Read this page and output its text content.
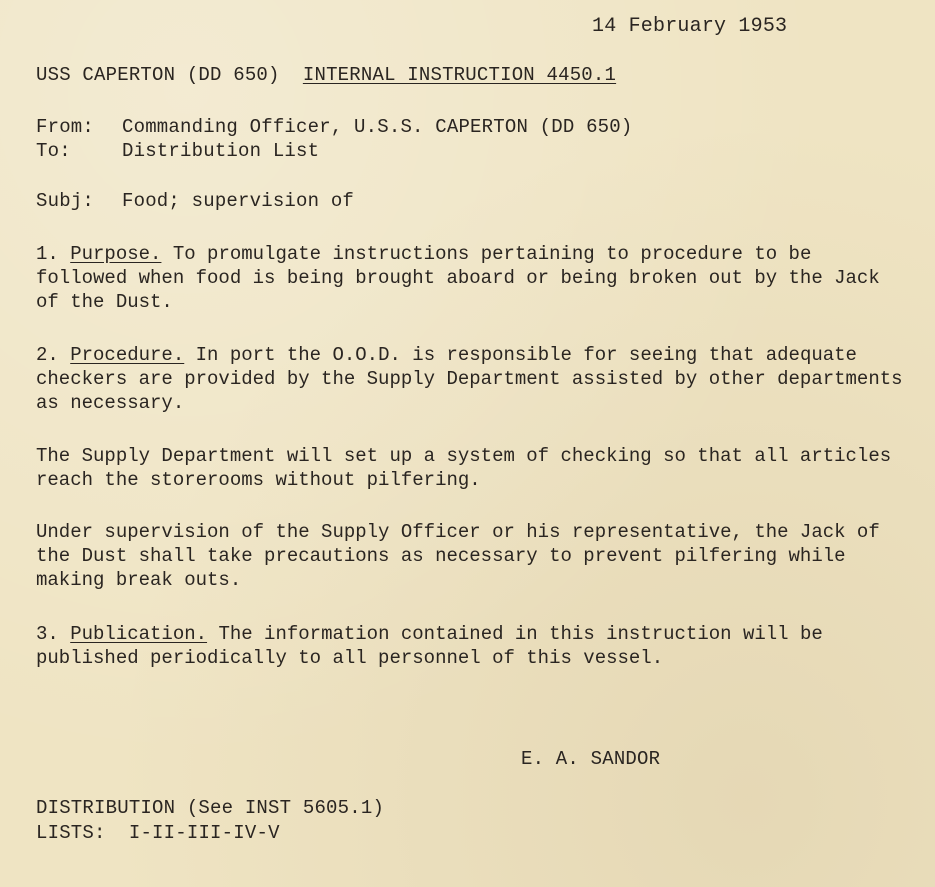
14 February 1953
USS CAPERTON (DD 650) INTERNAL INSTRUCTION 4450.1
From: Commanding Officer, U.S.S. CAPERTON (DD 650)
To:	Distribution List
Subj: Food; supervision of
1. Purpose. To promulgate instructions pertaining to procedure to be followed when food is being brought aboard or being broken out by the Jack of the Dust.
2. Procedure. In port the O.O.D. is responsible for seeing that adequate checkers are provided by the Supply Department assisted by other departments as necessary.
The Supply Department will set up a system of checking so that all articles reach the storerooms without pilfering.
Under supervision of the Supply Officer or his representative, the Jack of the Dust shall take precautions as necessary to prevent pilfering while making break outs.
3. Publication. The information contained in this instruction will be published periodically to all personnel of this vessel.
E. A. SANDOR
DISTRIBUTION (See INST 5605.1)
LISTS: I-II-III-IV-V
